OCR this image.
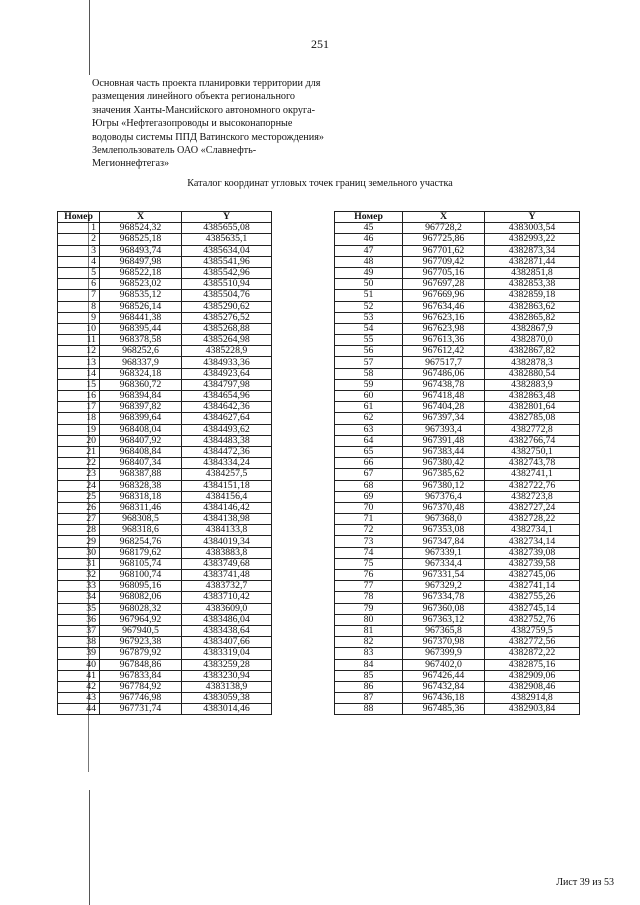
251
Основная часть проекта планировки территории для
размещения линейного объекта регионального
значения Ханты-Мансийского автономного округа-
Югры «Нефтегазопроводы и высоконапорные
водоводы системы ППД Ватинского месторождения»
Землепользователь ОАО «Славнефть-
Мегионнефтегаз»
Каталог координат угловых точек границ земельного участка
Номер	X	Y
1	968524,32	4385655,08
2	968525,18	4385635,1
3	968493,74	4385634,04
4	968497,98	4385541,96
5	968522,18	4385542,96
6	968523,02	4385510,94
7	968535,12	4385504,76
8	968526,14	4385290,62
9	968441,38	4385276,52
10	968395,44	4385268,88
11	968378,58	4385264,98
12	968252,6	4385228,9
13	968337,9	4384933,36
14	968324,18	4384923,64
15	968360,72	4384797,98
16	968394,84	4384654,96
17	968397,82	4384642,36
18	968399,64	4384627,64
19	968408,04	4384493,62
20	968407,92	4384483,38
21	968408,84	4384472,36
22	968407,34	4384334,24
23	968387,88	4384257,5
24	968328,38	4384151,18
25	968318,18	4384156,4
26	968311,46	4384146,42
27	968308,5	4384138,98
28	968318,6	4384133,8
29	968254,76	4384019,34
30	968179,62	4383883,8
31	968105,74	4383749,68
32	968100,74	4383741,48
33	968095,16	4383732,7
34	968082,06	4383710,42
35	968028,32	4383609,0
36	967964,92	4383486,04
37	967940,5	4383438,64
38	967923,38	4383407,66
39	967879,92	4383319,04
40	967848,86	4383259,28
41	967833,84	4383230,94
42	967784,92	4383138,9
43	967746,98	4383059,38
44	967731,74	4383014,46
Номер	X	Y
45	967728,2	4383003,54
46	967725,86	4382993,22
47	967701,62	4382873,34
48	967709,42	4382871,44
49	967705,16	4382851,8
50	967697,28	4382853,38
51	967669,96	4382859,18
52	967634,46	4382863,62
53	967623,16	4382865,82
54	967623,98	4382867,9
55	967613,36	4382870,0
56	967612,42	4382867,82
57	967517,7	4382878,3
58	967486,06	4382880,54
59	967438,78	4382883,9
60	967418,48	4382863,48
61	967404,28	4382801,64
62	967397,34	4382785,08
63	967393,4	4382772,8
64	967391,48	4382766,74
65	967383,44	4382750,1
66	967380,42	4382743,78
67	967385,62	4382741,1
68	967380,12	4382722,76
69	967376,4	4382723,8
70	967370,48	4382727,24
71	967368,0	4382728,22
72	967353,08	4382734,1
73	967347,84	4382734,14
74	967339,1	4382739,08
75	967334,4	4382739,58
76	967331,54	4382745,06
77	967329,2	4382741,14
78	967334,78	4382755,26
79	967360,08	4382745,14
80	967363,12	4382752,76
81	967365,8	4382759,5
82	967370,98	4382772,56
83	967399,9	4382872,22
84	967402,0	4382875,16
85	967426,44	4382909,06
86	967432,84	4382908,46
87	967436,18	4382914,8
88	967485,36	4382903,84
Лист 39 из 53
